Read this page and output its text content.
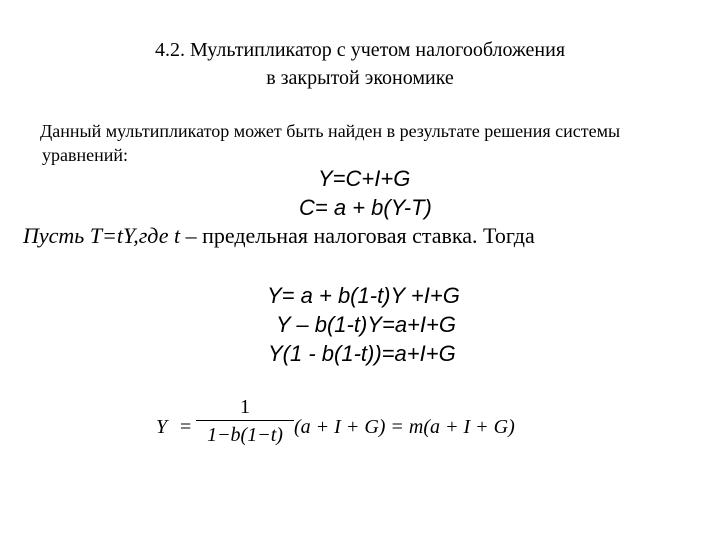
4.2. Мультипликатор с учетом налогообложения
в закрытой экономике
Данный мультипликатор может быть найден в результате решения системы
уравнений:
Y=C+I+G
C= a + b(Y-T)
Пусть T=tY,где t – предельная налоговая ставка. Тогда
Y= a + b(1-t)Y +I+G
Y – b(1-t)Y=a+I+G
Y(1 - b(1-t))=a+I+G
Y =
1
1−b(1−t) (a + I + G) = m(a + I + G)
